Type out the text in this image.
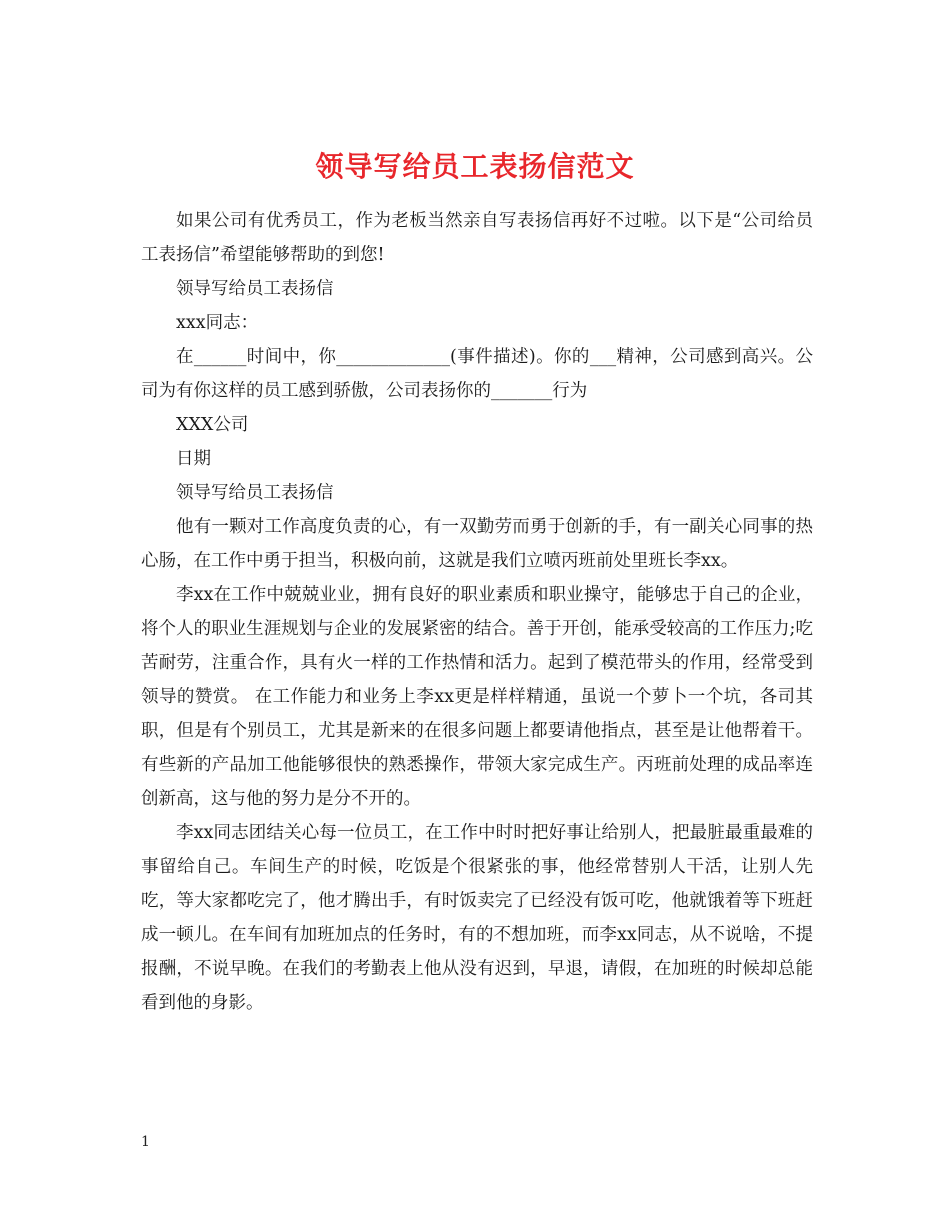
领导写给员工表扬信范文

如果公司有优秀员工，作为老板当然亲自写表扬信再好不过啦。以下是“公司给员工表扬信”希望能够帮助的到您!

领导写给员工表扬信

xxx同志：

在______时间中，你_____________(事件描述)。你的___精神，公司感到高兴。公司为有你这样的员工感到骄傲，公司表扬你的_______行为

XXX公司

日期

领导写给员工表扬信

他有一颗对工作高度负责的心，有一双勤劳而勇于创新的手，有一副关心同事的热心肠，在工作中勇于担当，积极向前，这就是我们立喷丙班前处里班长李xx。

李xx在工作中兢兢业业，拥有良好的职业素质和职业操守，能够忠于自己的企业，将个人的职业生涯规划与企业的发展紧密的结合。善于开创，能承受较高的工作压力;吃苦耐劳，注重合作，具有火一样的工作热情和活力。起到了模范带头的作用，经常受到领导的赞赏。 在工作能力和业务上李xx更是样样精通，虽说一个萝卜一个坑，各司其职，但是有个别员工，尤其是新来的在很多问题上都要请他指点，甚至是让他帮着干。有些新的产品加工他能够很快的熟悉操作，带领大家完成生产。丙班前处理的成品率连创新高，这与他的努力是分不开的。

李xx同志团结关心每一位员工，在工作中时时把好事让给别人，把最脏最重最难的事留给自己。车间生产的时候，吃饭是个很紧张的事，他经常替别人干活，让别人先吃，等大家都吃完了，他才腾出手，有时饭卖完了已经没有饭可吃，他就饿着等下班赶成一顿儿。在车间有加班加点的任务时，有的不想加班，而李xx同志，从不说啥，不提报酬，不说早晚。在我们的考勤表上他从没有迟到，早退，请假，在加班的时候却总能看到他的身影。

1
